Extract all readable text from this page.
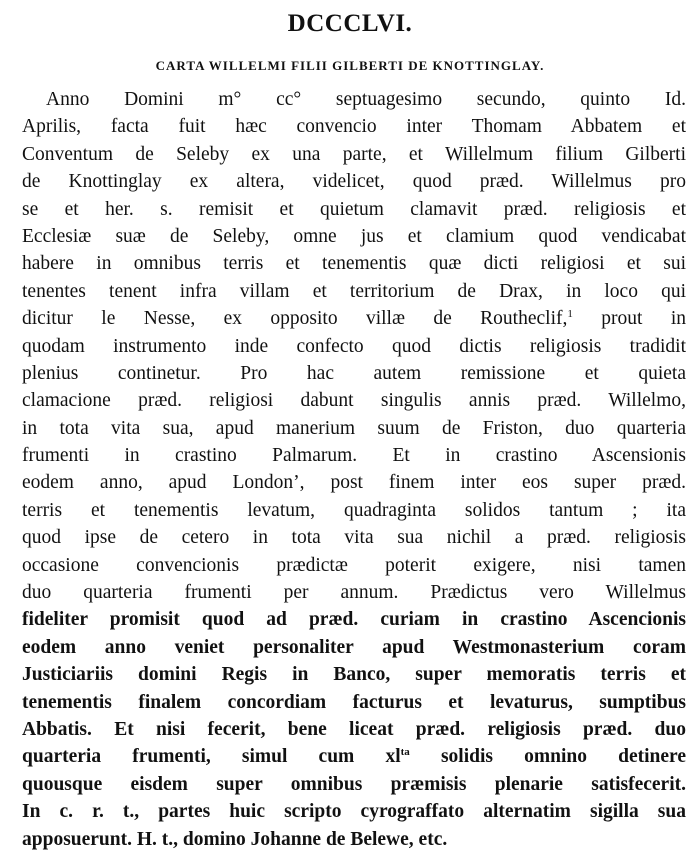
DCCCLVI.
CARTA WILLELMI FILII GILBERTI DE KNOTTINGLAY.
Anno Domini m° cc° septuagesimo secundo, quinto Id.
Aprilis, facta fuit hæc convencio inter Thomam Abbatem et
Conventum de Seleby ex una parte, et Willelmum filium Gilberti
de Knottinglay ex altera, videlicet, quod præd. Willelmus pro
se et her. s. remisit et quietum clamavit præd. religiosis et
Ecclesiæ suæ de Seleby, omne jus et clamium quod vendicabat
habere in omnibus terris et tenementis quæ dicti religiosi et sui
tenentes tenent infra villam et territorium de Drax, in loco qui
dicitur le Nesse, ex opposito villæ de Routheclif,$^1$ prout in
quodam instrumento inde confecto quod dictis religiosis tradidit
plenius continetur. Pro hac autem remissione et quieta
clamacione præd. religiosi dabunt singulis annis præd. Willelmo,
in tota vita sua, apud manerium suum de Friston, duo quarteria
frumenti in crastino Palmarum. Et in crastino Ascensionis
eodem anno, apud London’, post finem inter eos super præd.
terris et tenementis levatum, quadraginta solidos tantum ; ita
quod ipse de cetero in tota vita sua nichil a præd. religiosis
occasione convencionis prædictæ poterit exigere, nisi tamen
duo quarteria frumenti per annum. Prædictus vero Willelmus
fideliter promisit quod ad præd. curiam in crastino Ascencionis
eodem anno veniet personaliter apud Westmonasterium coram
Justiciariis domini Regis in Banco, super memoratis terris et
tenementis finalem concordiam facturus et levaturus, sumptibus
Abbatis. Et nisi fecerit, bene liceat præd. religiosis præd. duo
quarteria frumenti, simul cum xl$^{ta}$ solidis omnino detinere
quousque eisdem super omnibus præmisis plenarie satisfecerit.
In c. r. t., partes huic scripto cyrograffato alternatim sigilla sua
apposuerunt. H. t., domino Johanne de Belewe, etc.
